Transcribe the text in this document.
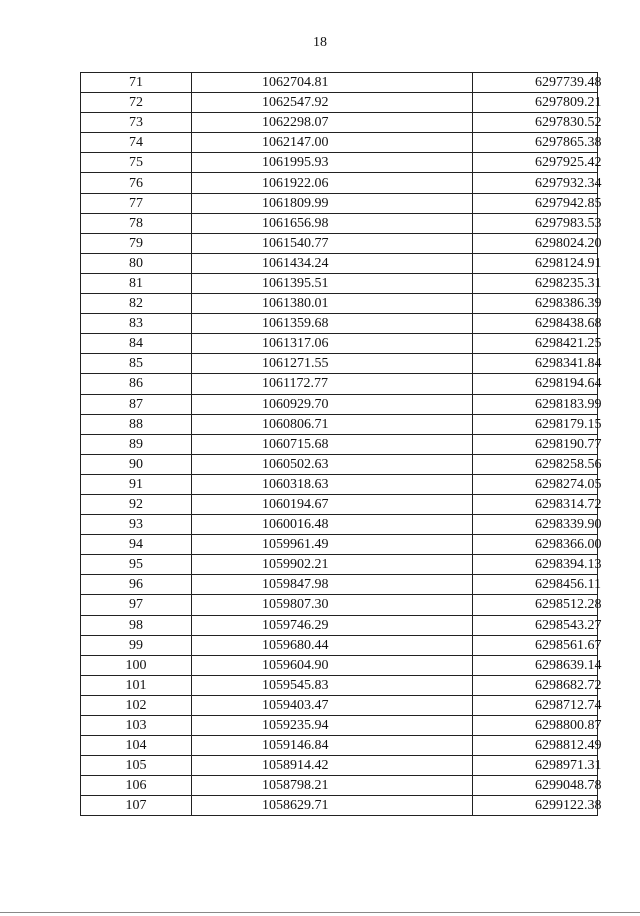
18
71	1062704.81	6297739.48
72	1062547.92	6297809.21
73	1062298.07	6297830.52
74	1062147.00	6297865.38
75	1061995.93	6297925.42
76	1061922.06	6297932.34
77	1061809.99	6297942.85
78	1061656.98	6297983.53
79	1061540.77	6298024.20
80	1061434.24	6298124.91
81	1061395.51	6298235.31
82	1061380.01	6298386.39
83	1061359.68	6298438.68
84	1061317.06	6298421.25
85	1061271.55	6298341.84
86	1061172.77	6298194.64
87	1060929.70	6298183.99
88	1060806.71	6298179.15
89	1060715.68	6298190.77
90	1060502.63	6298258.56
91	1060318.63	6298274.05
92	1060194.67	6298314.72
93	1060016.48	6298339.90
94	1059961.49	6298366.00
95	1059902.21	6298394.13
96	1059847.98	6298456.11
97	1059807.30	6298512.28
98	1059746.29	6298543.27
99	1059680.44	6298561.67
100	1059604.90	6298639.14
101	1059545.83	6298682.72
102	1059403.47	6298712.74
103	1059235.94	6298800.87
104	1059146.84	6298812.49
105	1058914.42	6298971.31
106	1058798.21	6299048.78
107	1058629.71	6299122.38
